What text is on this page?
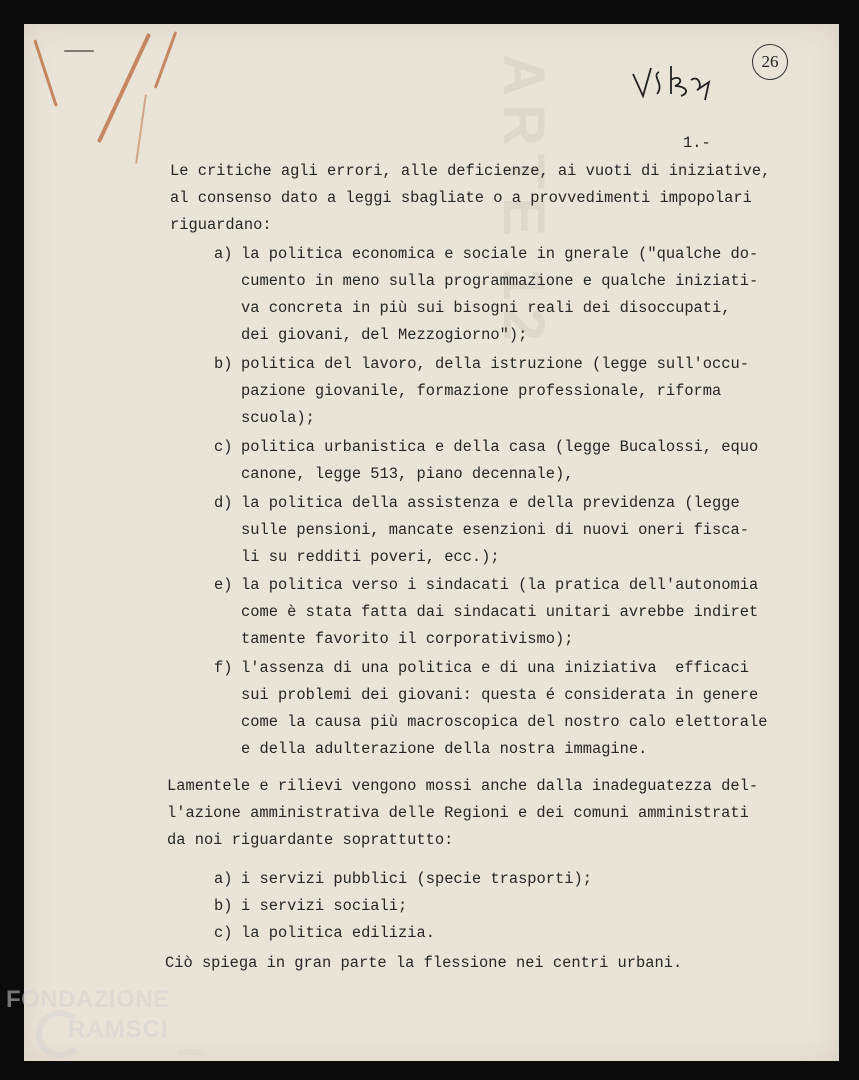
ARTE 12	26
1.-
Le critiche agli errori, alle deficienze, ai vuoti di iniziative,
al consenso dato a leggi sbagliate o a provvedimenti impopolari
riguardano:
a) la politica economica e sociale in gnerale ("qualche do-
cumento in meno sulla programmazione e qualche iniziati-
va concreta in più sui bisogni reali dei disoccupati,
dei giovani, del Mezzogiorno");
b) politica del lavoro, della istruzione (legge sull'occu-
pazione giovanile, formazione professionale, riforma
scuola);
c) politica urbanistica e della casa (legge Bucalossi, equo
canone, legge 513, piano decennale),
d) la politica della assistenza e della previdenza (legge
sulle pensioni, mancate esenzioni di nuovi oneri fisca-
li su redditi poveri, ecc.);
e) la politica verso i sindacati (la pratica dell'autonomia
come è stata fatta dai sindacati unitari avrebbe indiret
tamente favorito il corporativismo);
f) l'assenza di una politica e di una iniziativa  efficaci
sui problemi dei giovani: questa é considerata in genere
come la causa più macroscopica del nostro calo elettorale
e della adulterazione della nostra immagine.
Lamentele e rilievi vengono mossi anche dalla inadeguatezza del-
l'azione amministrativa delle Regioni e dei comuni amministrati
da noi riguardante soprattutto:
a) i servizi pubblici (specie trasporti);
b) i servizi sociali;
c) la politica edilizia.
Ciò spiega in gran parte la flessione nei centri urbani.
FONDAZIONE
RAMSCI
onlus
